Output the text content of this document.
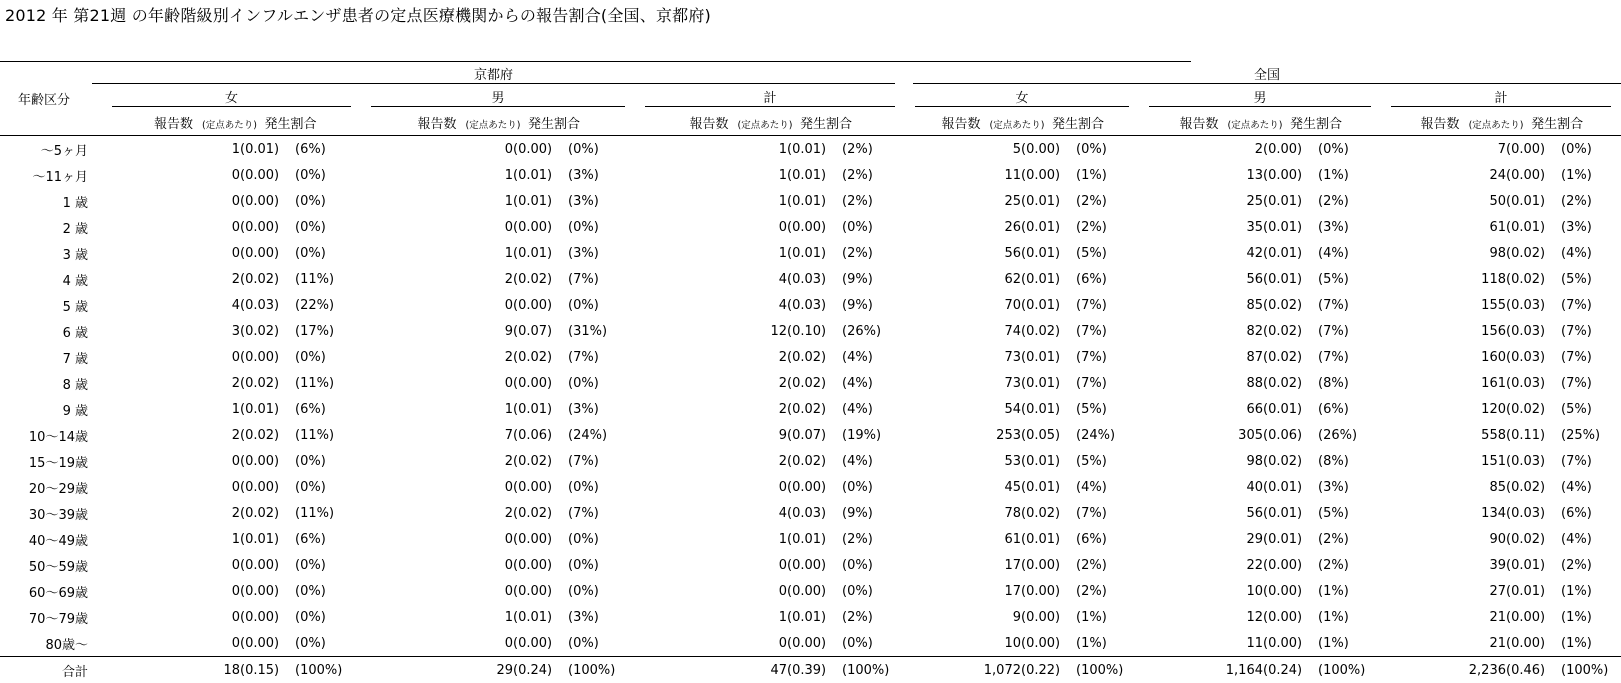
2012 年 第21週 の年齢階級別インフルエンザ患者の定点医療機関からの報告割合(全国、京都府)
年齢区分	京都府									全国								

	女			男			計			女			男			計		

	報告数 (定点あたり) 発生割合			報告数 (定点あたり) 発生割合			報告数 (定点あたり) 発生割合			報告数 (定点あたり) 発生割合			報告数 (定点あたり) 発生割合			報告数 (定点あたり) 発生割合		
～5ヶ月	1	(0.01)	(6%)	0	(0.00)	(0%)	1	(0.01)	(2%)	5	(0.00)	(0%)	2	(0.00)	(0%)	7	(0.00)	(0%)
～11ヶ月	0	(0.00)	(0%)	1	(0.01)	(3%)	1	(0.01)	(2%)	11	(0.00)	(1%)	13	(0.00)	(1%)	24	(0.00)	(1%)
1 歳	0	(0.00)	(0%)	1	(0.01)	(3%)	1	(0.01)	(2%)	25	(0.01)	(2%)	25	(0.01)	(2%)	50	(0.01)	(2%)
2 歳	0	(0.00)	(0%)	0	(0.00)	(0%)	0	(0.00)	(0%)	26	(0.01)	(2%)	35	(0.01)	(3%)	61	(0.01)	(3%)
3 歳	0	(0.00)	(0%)	1	(0.01)	(3%)	1	(0.01)	(2%)	56	(0.01)	(5%)	42	(0.01)	(4%)	98	(0.02)	(4%)
4 歳	2	(0.02)	(11%)	2	(0.02)	(7%)	4	(0.03)	(9%)	62	(0.01)	(6%)	56	(0.01)	(5%)	118	(0.02)	(5%)
5 歳	4	(0.03)	(22%)	0	(0.00)	(0%)	4	(0.03)	(9%)	70	(0.01)	(7%)	85	(0.02)	(7%)	155	(0.03)	(7%)
6 歳	3	(0.02)	(17%)	9	(0.07)	(31%)	12	(0.10)	(26%)	74	(0.02)	(7%)	82	(0.02)	(7%)	156	(0.03)	(7%)
7 歳	0	(0.00)	(0%)	2	(0.02)	(7%)	2	(0.02)	(4%)	73	(0.01)	(7%)	87	(0.02)	(7%)	160	(0.03)	(7%)
8 歳	2	(0.02)	(11%)	0	(0.00)	(0%)	2	(0.02)	(4%)	73	(0.01)	(7%)	88	(0.02)	(8%)	161	(0.03)	(7%)
9 歳	1	(0.01)	(6%)	1	(0.01)	(3%)	2	(0.02)	(4%)	54	(0.01)	(5%)	66	(0.01)	(6%)	120	(0.02)	(5%)
10～14歳	2	(0.02)	(11%)	7	(0.06)	(24%)	9	(0.07)	(19%)	253	(0.05)	(24%)	305	(0.06)	(26%)	558	(0.11)	(25%)
15～19歳	0	(0.00)	(0%)	2	(0.02)	(7%)	2	(0.02)	(4%)	53	(0.01)	(5%)	98	(0.02)	(8%)	151	(0.03)	(7%)
20～29歳	0	(0.00)	(0%)	0	(0.00)	(0%)	0	(0.00)	(0%)	45	(0.01)	(4%)	40	(0.01)	(3%)	85	(0.02)	(4%)
30～39歳	2	(0.02)	(11%)	2	(0.02)	(7%)	4	(0.03)	(9%)	78	(0.02)	(7%)	56	(0.01)	(5%)	134	(0.03)	(6%)
40～49歳	1	(0.01)	(6%)	0	(0.00)	(0%)	1	(0.01)	(2%)	61	(0.01)	(6%)	29	(0.01)	(2%)	90	(0.02)	(4%)
50～59歳	0	(0.00)	(0%)	0	(0.00)	(0%)	0	(0.00)	(0%)	17	(0.00)	(2%)	22	(0.00)	(2%)	39	(0.01)	(2%)
60～69歳	0	(0.00)	(0%)	0	(0.00)	(0%)	0	(0.00)	(0%)	17	(0.00)	(2%)	10	(0.00)	(1%)	27	(0.01)	(1%)
70～79歳	0	(0.00)	(0%)	1	(0.01)	(3%)	1	(0.01)	(2%)	9	(0.00)	(1%)	12	(0.00)	(1%)	21	(0.00)	(1%)
80歳～	0	(0.00)	(0%)	0	(0.00)	(0%)	0	(0.00)	(0%)	10	(0.00)	(1%)	11	(0.00)	(1%)	21	(0.00)	(1%)
合計	18	(0.15)	(100%)	29	(0.24)	(100%)	47	(0.39)	(100%)	1,072	(0.22)	(100%)	1,164	(0.24)	(100%)	2,236	(0.46)	(100%)
